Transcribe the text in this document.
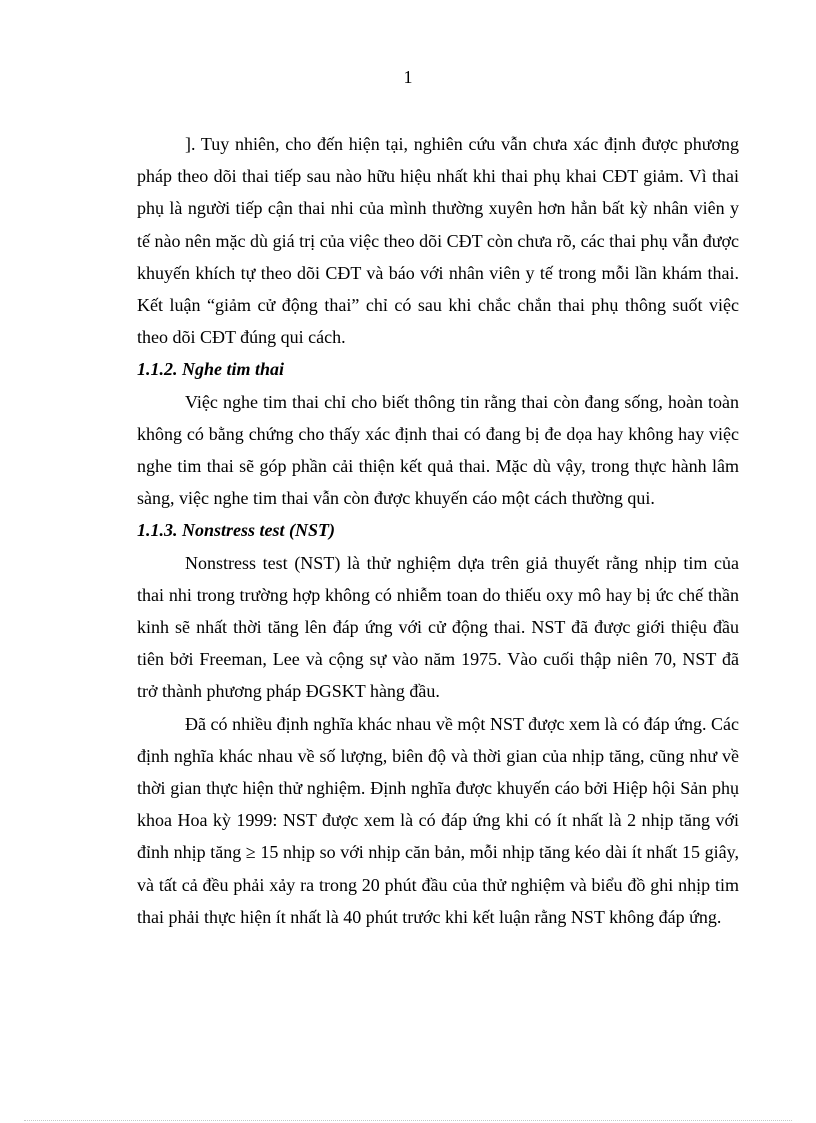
1

]. Tuy nhiên, cho đến hiện tại, nghiên cứu vẫn chưa xác định được phương pháp theo dõi thai tiếp sau nào hữu hiệu nhất khi thai phụ khai CĐT giảm. Vì thai phụ là người tiếp cận thai nhi của mình thường xuyên hơn hẳn bất kỳ nhân viên y tế nào nên mặc dù giá trị của việc theo dõi CĐT còn chưa rõ, các thai phụ vẫn được khuyến khích tự theo dõi CĐT và báo với nhân viên y tế trong mỗi lần khám thai. Kết luận “giảm cử động thai” chỉ có sau khi chắc chắn thai phụ thông suốt việc theo dõi CĐT đúng qui cách.

1.1.2. Nghe tim thai

Việc nghe tim thai chỉ cho biết thông tin rằng thai còn đang sống, hoàn toàn không có bằng chứng cho thấy xác định thai có đang bị đe dọa hay không hay việc nghe tim thai sẽ góp phần cải thiện kết quả thai. Mặc dù vậy, trong thực hành lâm sàng, việc nghe tim thai vẫn còn được khuyến cáo một cách thường qui.

1.1.3. Nonstress test (NST)

Nonstress test (NST) là thử nghiệm dựa trên giả thuyết rằng nhịp tim của thai nhi trong trường hợp không có nhiễm toan do thiếu oxy mô hay bị ức chế thần kinh sẽ nhất thời tăng lên đáp ứng với cử động thai. NST đã được giới thiệu đầu tiên bởi Freeman, Lee và cộng sự vào năm 1975. Vào cuối thập niên 70, NST đã trở thành phương pháp ĐGSKT hàng đầu.

Đã có nhiều định nghĩa khác nhau về một NST được xem là có đáp ứng. Các định nghĩa khác nhau về số lượng, biên độ và thời gian của nhịp tăng, cũng như về thời gian thực hiện thử nghiệm. Định nghĩa được khuyến cáo bởi Hiệp hội Sản phụ khoa Hoa kỳ 1999: NST được xem là có đáp ứng khi có ít nhất là 2 nhịp tăng với đỉnh nhịp tăng ≥ 15 nhịp so với nhịp căn bản, mỗi nhịp tăng kéo dài ít nhất 15 giây, và tất cả đều phải xảy ra trong 20 phút đầu của thử nghiệm và biểu đồ ghi nhịp tim thai phải thực hiện ít nhất là 40 phút trước khi kết luận rằng NST không đáp ứng.
